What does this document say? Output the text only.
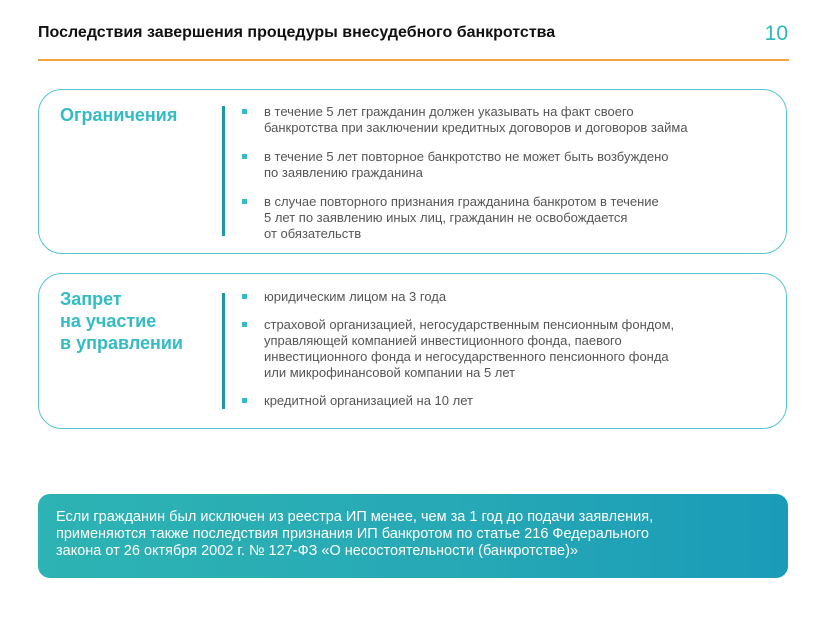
Последствия завершения процедуры внесудебного банкротства	10
Ограничения	в течение 5 лет гражданин должен указывать на факт своего
банкротства при заключении кредитных договоров и договоров займа
в течение 5 лет повторное банкротство не может быть возбуждено
по заявлению гражданина
в случае повторного признания гражданина банкротом в течение
5 лет по заявлению иных лиц, гражданин не освобождается
от обязательств
Запрет
на участие
в управлении
юридическим лицом на 3 года
страховой организацией, негосударственным пенсионным фондом,
управляющей компанией инвестиционного фонда, паевого
инвестиционного фонда и негосударственного пенсионного фонда
или микрофинансовой компании на 5 лет
кредитной организацией на 10 лет
Если гражданин был исключен из реестра ИП менее, чем за 1 год до подачи заявления,
применяются также последствия признания ИП банкротом по статье 216 Федерального
закона от 26 октября 2002 г. № 127-ФЗ «О несостоятельности (банкротстве)»
